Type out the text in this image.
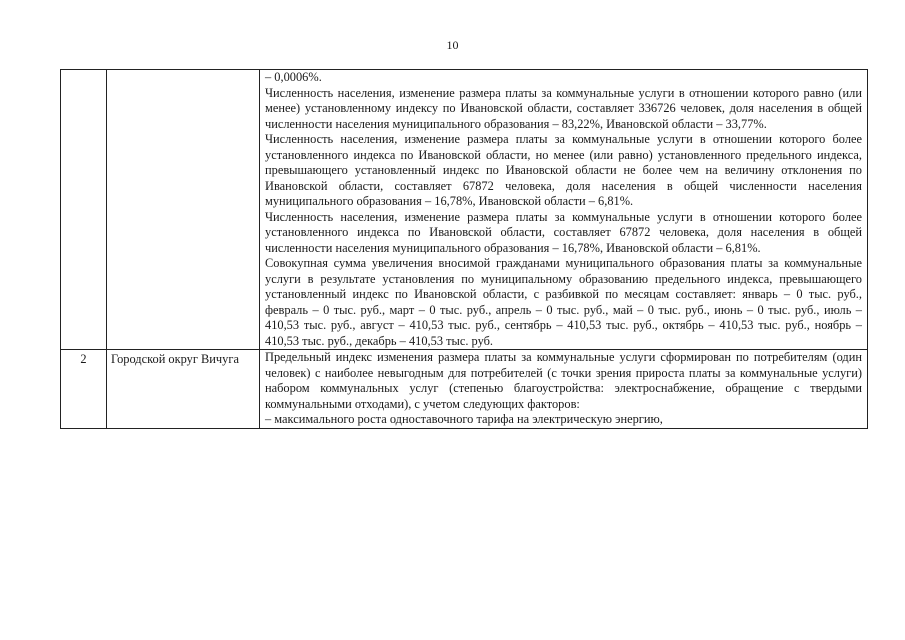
10

		– 0,0006%.

Численность населения, изменение размера платы за коммунальные услуги в отношении которого равно (или менее) установленному индексу по Ивановской области, составляет 336726 человек, доля населения в общей численности населения муниципального образования – 83,22%, Ивановской области – 33,77%.

Численность населения, изменение размера платы за коммунальные услуги в отношении которого более установленного индекса по Ивановской области, но менее (или равно) установленного предельного индекса, превышающего установленный индекс по Ивановской области не более чем на величину отклонения по Ивановской области, составляет 67872 человека, доля населения в общей численности населения муниципального образования – 16,78%, Ивановской области – 6,81%.

Численность населения, изменение размера платы за коммунальные услуги в отношении которого более установленного индекса по Ивановской области, составляет 67872 человека, доля населения в общей численности населения муниципального образования – 16,78%, Ивановской области – 6,81%.

Совокупная сумма увеличения вносимой гражданами муниципального образования платы за коммунальные услуги в результате установления по муниципальному образованию предельного индекса, превышающего установленный индекс по Ивановской области, с разбивкой по месяцам составляет: январь – 0 тыс. руб., февраль – 0 тыс. руб., март – 0 тыс. руб., апрель – 0 тыс. руб., май – 0 тыс. руб., июнь – 0 тыс. руб., июль – 410,53 тыс. руб., август – 410,53 тыс. руб., сентябрь – 410,53 тыс. руб., октябрь – 410,53 тыс. руб., ноябрь – 410,53 тыс. руб., декабрь – 410,53 тыс. руб.

2	Городской округ Вичуга	Предельный индекс изменения размера платы за коммунальные услуги сформирован по потребителям (один человек) с наиболее невыгодным для потребителей (с точки зрения прироста платы за коммунальные услуги) набором коммунальных услуг (степенью благоустройства: электроснабжение, обращение с твердыми коммунальными отходами), с учетом следующих факторов:

– максимального роста одноставочного тарифа на электрическую энергию,
